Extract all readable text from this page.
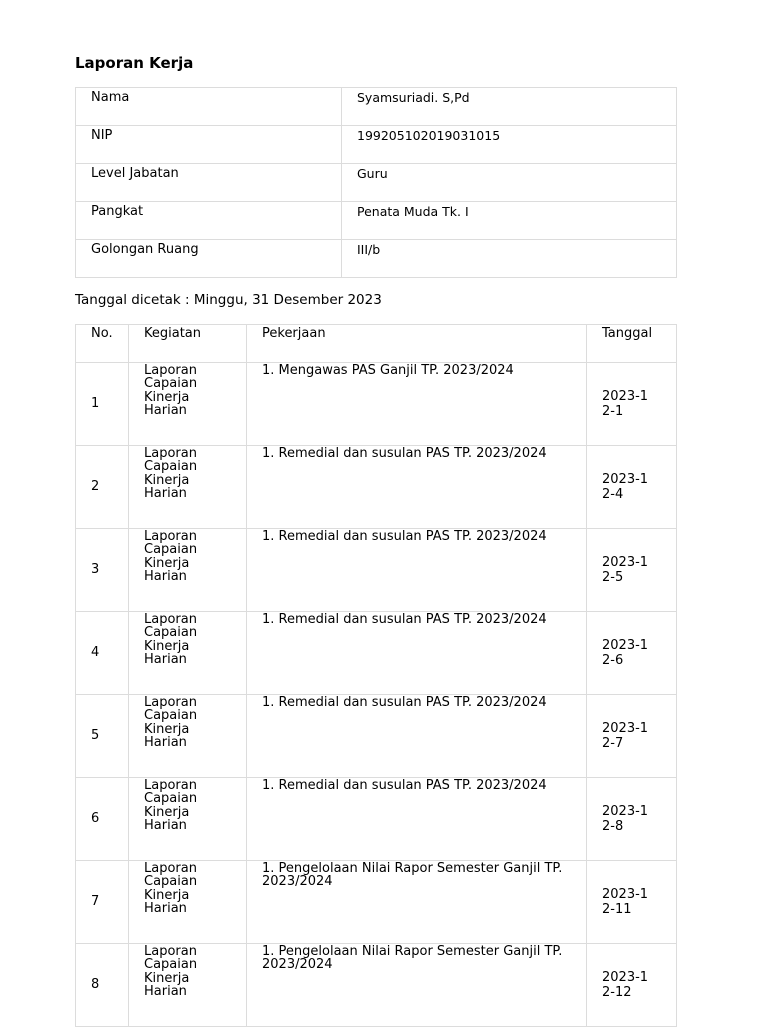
Laporan Kerja
Nama	Syamsuriadi. S,Pd

NIP	199205102019031015

Level Jabatan	Guru

Pangkat	Penata Muda Tk. I

Golongan Ruang	III/b
Tanggal dicetak : Minggu, 31 Desember 2023
No.	Kegiatan	Pekerjaan	Tanggal

1	Laporan Capaian Kinerja Harian	1. Mengawas PAS Ganjil TP. 2023/2024	2023-12-1

2	Laporan Capaian Kinerja Harian	1. Remedial dan susulan PAS TP. 2023/2024	2023-12-4

3	Laporan Capaian Kinerja Harian	1. Remedial dan susulan PAS TP. 2023/2024	2023-12-5

4	Laporan Capaian Kinerja Harian	1. Remedial dan susulan PAS TP. 2023/2024	2023-12-6

5	Laporan Capaian Kinerja Harian	1. Remedial dan susulan PAS TP. 2023/2024	2023-12-7

6	Laporan Capaian Kinerja Harian	1. Remedial dan susulan PAS TP. 2023/2024	2023-12-8

7	Laporan Capaian Kinerja Harian	1. Pengelolaan Nilai Rapor Semester Ganjil TP. 2023/2024	2023-12-11

8	Laporan Capaian Kinerja Harian	1. Pengelolaan Nilai Rapor Semester Ganjil TP. 2023/2024	2023-12-12
